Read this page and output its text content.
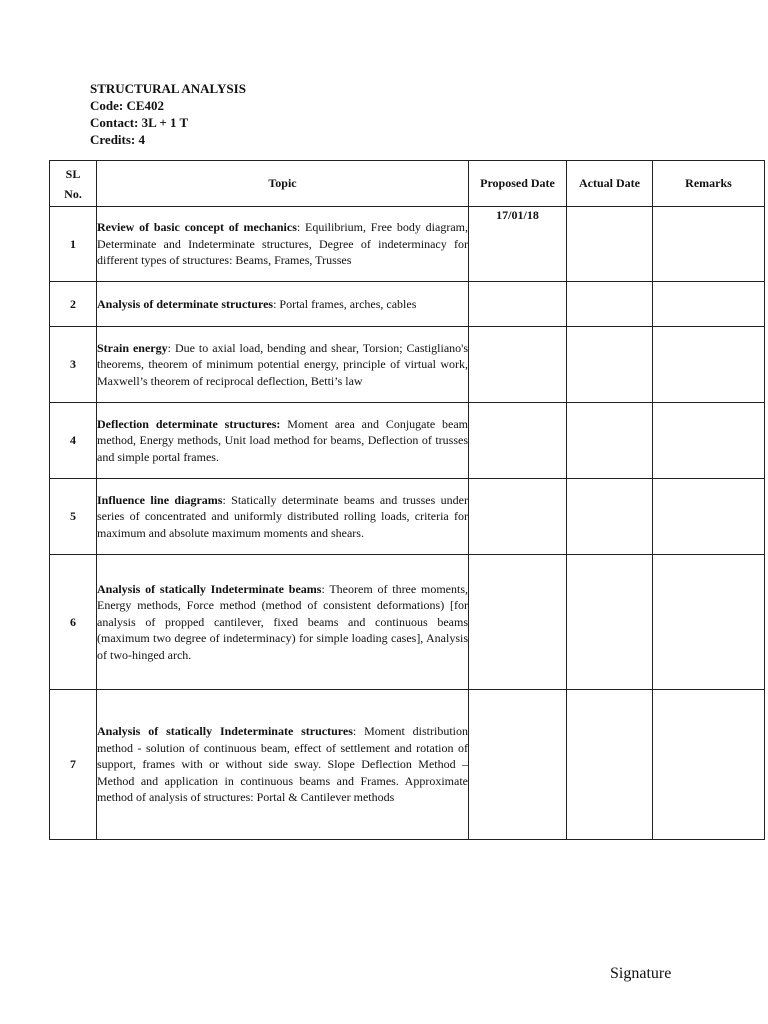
STRUCTURAL ANALYSIS
Code: CE402
Contact: 3L + 1 T
Credits: 4
SL
No.	Topic	Proposed Date	Actual Date	Remarks
1	Review of basic concept of mechanics: Equilibrium, Free body diagram, Determinate and Indeterminate structures, Degree of indeterminacy for different types of structures: Beams, Frames, Trusses	17/01/18		
2	Analysis of determinate structures: Portal frames, arches, cables			

3	Strain energy: Due to axial load, bending and shear, Torsion; Castigliano's theorems, theorem of minimum potential energy, principle of virtual work, Maxwell’s theorem of reciprocal deflection, Betti’s law			

4	Deflection determinate structures: Moment area and Conjugate beam method, Energy methods, Unit load method for beams, Deflection of trusses and simple portal frames.			

5	Influence line diagrams: Statically determinate beams and trusses under series of concentrated and uniformly distributed rolling loads, criteria for maximum and absolute maximum moments and shears.			

6	Analysis of statically Indeterminate beams: Theorem of three moments, Energy methods, Force method (method of consistent deformations) [for analysis of propped cantilever, fixed beams and continuous beams (maximum two degree of indeterminacy) for simple loading cases], Analysis of two-hinged arch.			

7	Analysis of statically Indeterminate structures: Moment distribution method - solution of continuous beam, effect of settlement and rotation of support, frames with or without side sway. Slope Deflection Method – Method and application in continuous beams and Frames. Approximate method of analysis of structures: Portal & Cantilever methods			

Signature
